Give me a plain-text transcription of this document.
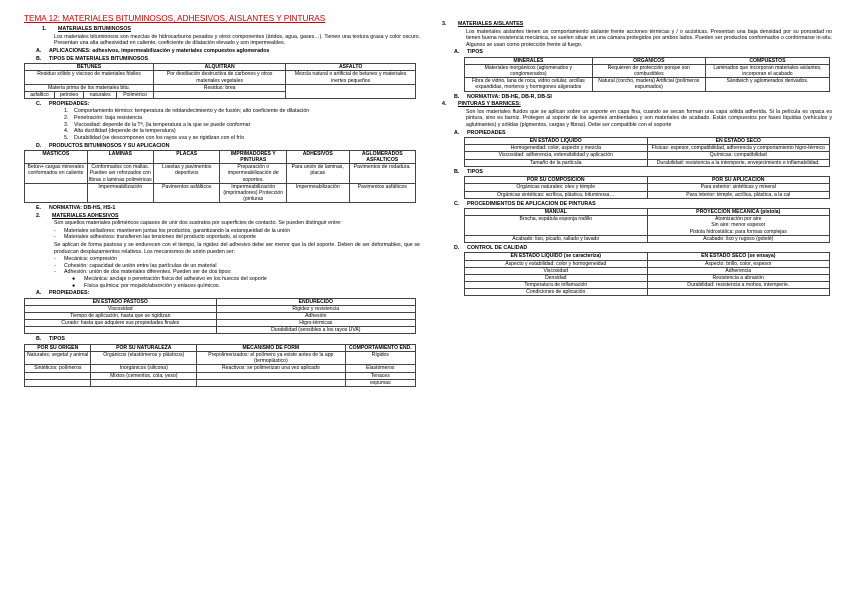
TEMA 12: MATERIALES BITUMINOSOS, ADHESIVOS, AISLANTES Y PINTURAS
1. MATERIALES BITUMINOSOS
Los materiales bituminosos son mezclas de hidrocarburos pesados y otros componentes (áridos, agua, gases…). Tienen una textura grasa y color oscuro. Presentan una alta adhesividad en caliente, coeficiente de dilatación elevado y son impermeables.
A. APLICACIONES: adhesivos, impermeabilización y materiales compuestos aglomerados
B. TIPOS DE MATERIALES BITUMINOSOS
BETUNES				ALQUITRAN	ASFALTO
Residuo sólido y viscoso de materiales fósiles				Por destilación destructiva de carbones y otros materiales vegetales	Mezcla natural o artificial de betunes y materiales inertes pequeños
Materia prima de los materiales bitu.				Residuo: brea	
asfaltico	petroleo	naturales	Polimérico		
C. PROPIEDADES:
1. Comportamiento térmico: temperatura de reblandecimiento y de fusión; alto coeficiente de dilatación
2. Penetración: baja resistencia
3. Viscosidad: depende de la Tª, (la temperatura a la que se puede conformar
4. Alta ductilidad (depende de la temperatura)
5. Durabilidad (se descomponen con los rayos uva y se rigidizan con el frío
D. PRODUCTOS BITUMINOSOS Y SU APLICACION
MASTICOS	LAMINAS	PLACAS	IMPRIMADORES Y PINTURAS	ADHESIVOS	AGLOMERADOS ASFALTICOS
Betún+ cargas minerales conformados en caliente	Conformados con mallas. Pueden ser reforzados con fibras o laminas poliméricas	Losetas y pavimentos deportivos	Preparación o impermeabilización de soportes.	Para unión de laminas, placas	Pavimentos de rodadura.
	Impermeabilización	Pavimentos asfálticos	Impermeabilización (imprimadores) Protección (pinturas	Impermeabilización	Pavimentos asfálticos
E. NORMATIVA: DB-HS, HS-1
2. MATERIALES ADHESIVOS
Son aquellos materiales poliméricos capaces de unir dos sustratos por superficies de contacto. Se pueden distinguir entre:
- Materiales selladores: mantienen juntas los productos, garantizando la estanqueidad de la unión
- Materiales adhesivos: transfieren las tensiones del producto soportado, al soporte
Se aplican de forma pastosa y se endurecen con el tiempo, la rigidez del adhesivo debe ser menor que la del soporte. Deben de ser deformables, que se produzcan desplazamientos relativos. Los mecanismos de unión pueden ser:
- Mecánica: compresión
- Cohesión: capacidad de unión entre las partículas de un material
- Adhesión: unión de dos materiales diferentes. Pueden ser de dos tipos:
● Mecánica: anclaje o penetración física del adhesivo en los huecos del soporte
● Física química: por mojado/absorción y enlaces químicos.
A. PROPIEDADES:
EN ESTADO PASTOSO	ENDURECIDO
Viscosidad	Rigidez y resistencia
Tiempo de aplicación, hasta que se rigidizan	Adhesión
Curado: hasta que adquiere sus propiedades finales	Higro-térmicas
	Durabilidad (sensibles a los rayos UVA)
B. TIPOS
POR SU ORIGEN	POR SU NATURALEZA	MECANISMO DE FORM	COMPORTAMIENTO END.
Naturales; vegetal y animal	Orgánicos (elastómeros y plásticos)	Prepolimerizados: el polímero ya existe antes de la app (termoplástico)	Rígidos
Sintéticos: polímeros	Inorgánicos (silicona)	Reactivos: se polimerizan una vez aplicado	Elastómeros
	Mixtos (cementos, cola, yeso)		Tenaces
			espumas
3. MATERIALES AISLANTES
Los materiales aislantes tienen un comportamiento aislante frente acciones térmicas y / o acústicas. Presentan una baja densidad por su porosidad no tienen buena resistencia mecánica, se suelen situar en una cámara protegidos por ambos lados. Pueden ser productos conformados o conformarse in-situ. Algunos se usan como protección frente al fuego.
A. TIPOS
MINERALES	ORGANICOS	COMPUESTOS
Materiales inorgánicos (aglomerados y conglomerados)	Requieren de protección porque son combustibles	Laminados que incorporan materiales aislantes, incorporan el acabado
Fibra de vidrio, lana de roca, vidrio celular, arcillas expandidas, morteros y hormigones aligerados	Natural (corcho, madera) Artificial (polímeros espumados)	Sándwich y aglomerados derivados.
B. NORMATIVA: DB-HE, DB-R, DB-SI
4. PINTURAS Y BARNICES:
Son los materiales fluidos que se aplican sobre un soporte en capa fina, cuando se secan forman una capa sólida adherida. Si la película es opaca es pintura, sino es barniz. Protegen al soporte de los agentes ambientales y son materiales de acabado. Están compuestos por fases líquidas (vehículos y aglutinantes) y sólidas (pigmentos, cargas y fibras). Debe ser compatible con el soporte
A. PROPIEDADES
EN ESTADO LIQUIDO	EN ESTADO SECO
Homogeneidad: color, aspecto y mezcla	Físicas: espesor, compatibilidad, adherencia y comportamiento higro-térmico
Viscosidad: adherencia, extensibilidad y aplicación	Químicas: compatibilidad
Tamaño de la partícula	Durabilidad: resistencia a la intemperie, envejecimiento e inflamabilidad.
B. TIPOS
POR SU COMPOSICION	POR SU APLICACION
Orgánicas naturales: oleo y témple	Para exterior: sintéticas y mineral
Orgánicas sintéticas: acrílica, plástica, bituminosa…	Para interior: témple, acrílica, plástica, a la cal
C. PROCEDIMIENTOS DE APLICACION DE PINTURAS
MANUAL	PROYECCION MECANICA (pistola)
Brocha, espátula esponja rodillo	Atomización por aire
Sin aire: menor espesor
Pistola hidrostática: para formas complejas
Acabado: liso, picado, rallado y lavado	Acabado: liso y rugoso (gotelé)
D. CONTROL DE CALIDAD
EN ESTADO LIQUIDO (se caracteriza)	EN ESTADO SECO (se ensaya)
Aspecto y estabilidad: color y homogeneidad	Aspecto: brillo, color, espesor
Viscosidad	Adherencia
Densidad	Resistencia a abrasión
Temperatura de inflamación	Durabilidad: resistencia a mohos, intemperie.
Condiciones de aplicación	
